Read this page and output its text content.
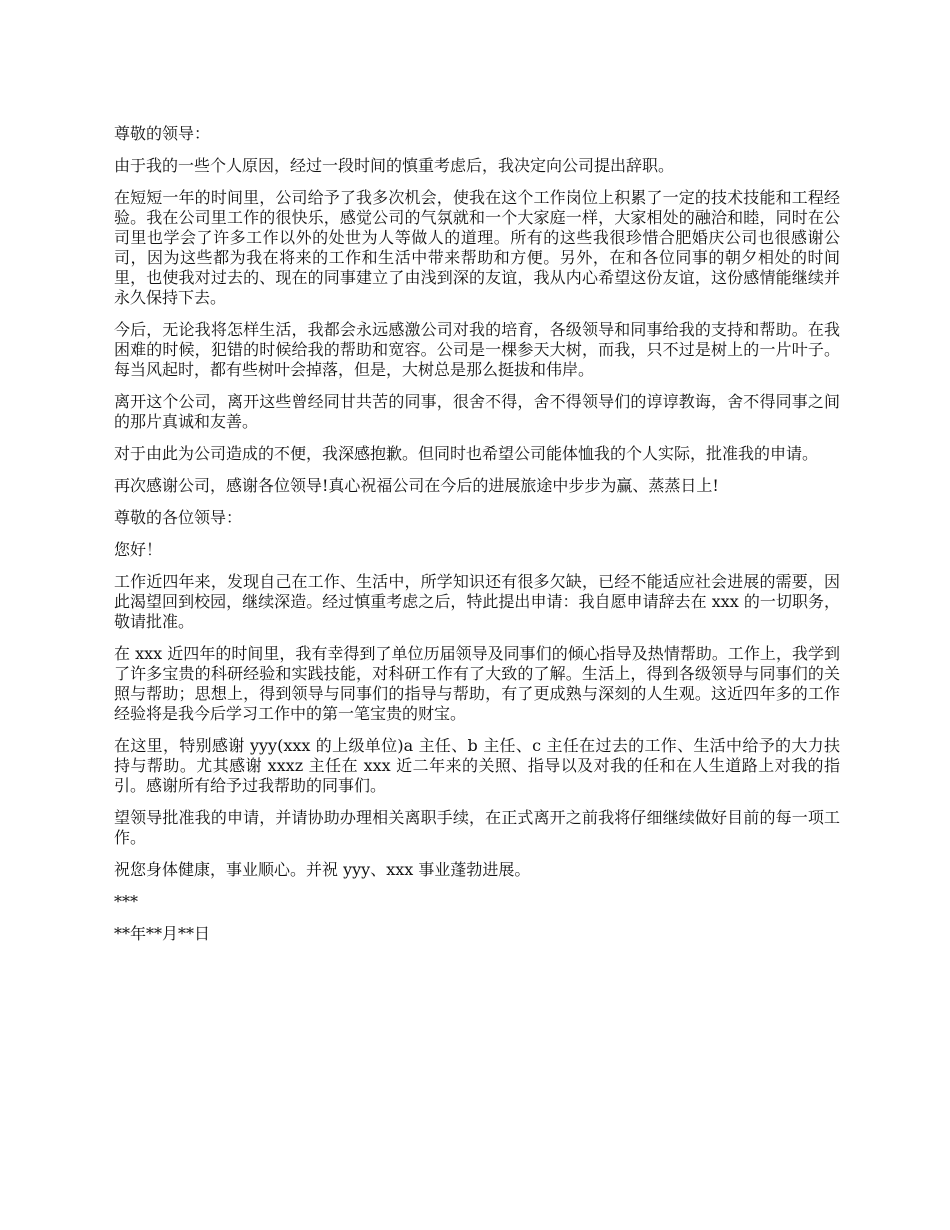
尊敬的领导：

由于我的一些个人原因，经过一段时间的慎重考虑后，我决定向公司提出辞职。

在短短一年的时间里，公司给予了我多次机会，使我在这个工作岗位上积累了一定的技术技能和工程经验。我在公司里工作的很快乐，感觉公司的气氛就和一个大家庭一样，大家相处的融洽和睦，同时在公司里也学会了许多工作以外的处世为人等做人的道理。所有的这些我很珍惜合肥婚庆公司也很感谢公司，因为这些都为我在将来的工作和生活中带来帮助和方便。另外，在和各位同事的朝夕相处的时间里，也使我对过去的、现在的同事建立了由浅到深的友谊，我从内心希望这份友谊，这份感情能继续并永久保持下去。

今后，无论我将怎样生活，我都会永远感激公司对我的培育，各级领导和同事给我的支持和帮助。在我困难的时候，犯错的时候给我的帮助和宽容。公司是一棵参天大树，而我，只不过是树上的一片叶子。每当风起时，都有些树叶会掉落，但是，大树总是那么挺拔和伟岸。

离开这个公司，离开这些曾经同甘共苦的同事，很舍不得，舍不得领导们的谆谆教诲，舍不得同事之间的那片真诚和友善。

对于由此为公司造成的不便，我深感抱歉。但同时也希望公司能体恤我的个人实际，批准我的申请。

再次感谢公司，感谢各位领导!真心祝福公司在今后的进展旅途中步步为赢、蒸蒸日上!

尊敬的各位领导：

您好！

工作近四年来，发现自己在工作、生活中，所学知识还有很多欠缺，已经不能适应社会进展的需要，因此渴望回到校园，继续深造。经过慎重考虑之后，特此提出申请：我自愿申请辞去在 xxx 的一切职务，敬请批准。

在 xxx 近四年的时间里，我有幸得到了单位历届领导及同事们的倾心指导及热情帮助。工作上，我学到了许多宝贵的科研经验和实践技能，对科研工作有了大致的了解。生活上，得到各级领导与同事们的关照与帮助；思想上，得到领导与同事们的指导与帮助，有了更成熟与深刻的人生观。这近四年多的工作经验将是我今后学习工作中的第一笔宝贵的财宝。

在这里，特别感谢 yyy(xxx 的上级单位)a 主任、b 主任、c 主任在过去的工作、生活中给予的大力扶持与帮助。尤其感谢 xxxz 主任在 xxx 近二年来的关照、指导以及对我的任和在人生道路上对我的指引。感谢所有给予过我帮助的同事们。

望领导批准我的申请，并请协助办理相关离职手续，在正式离开之前我将仔细继续做好目前的每一项工作。

祝您身体健康，事业顺心。并祝 yyy、xxx 事业蓬勃进展。

***

**年**月**日
